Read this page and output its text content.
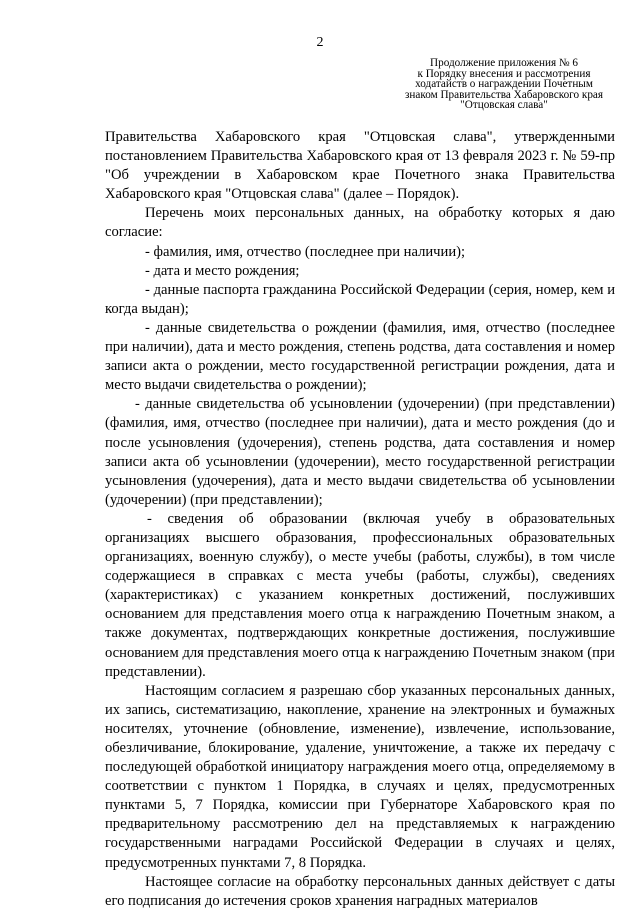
2
Продолжение приложения № 6
к Порядку внесения и рассмотрения
ходатайств о награждении Почетным
знаком Правительства Хабаровского края
"Отцовская слава"

Правительства Хабаровского края "Отцовская слава", утвержденными постановлением Правительства Хабаровского края от 13 февраля 2023 г. № 59-пр "Об учреждении в Хабаровском крае Почетного знака Правительства Хабаровского края "Отцовская слава" (далее – Порядок).

Перечень моих персональных данных, на обработку которых я даю согласие:

- фамилия, имя, отчество (последнее при наличии);

- дата и место рождения;

- данные паспорта гражданина Российской Федерации (серия, номер, кем и когда выдан);

- данные свидетельства о рождении (фамилия, имя, отчество (последнее при наличии), дата и место рождения, степень родства, дата составления и номер записи акта о рождении, место государственной регистрации рождения, дата и место выдачи свидетельства о рождении);

- данные свидетельства об усыновлении (удочерении) (при представлении) (фамилия, имя, отчество (последнее при наличии), дата и место рождения (до и после усыновления (удочерения), степень родства, дата составления и номер записи акта об усыновлении (удочерении), место государственной регистрации усыновления (удочерения), дата и место выдачи свидетельства об усыновлении (удочерении) (при представлении);

- сведения об образовании (включая учебу в образовательных организациях высшего образования, профессиональных образовательных организациях, военную службу), о месте учебы (работы, службы), в том числе содержащиеся в справках с места учебы (работы, службы), сведениях (характеристиках) с указанием конкретных достижений, послуживших основанием для представления моего отца к награждению Почетным знаком, а также документах, подтверждающих конкретные достижения, послужившие основанием для представления моего отца к награждению Почетным знаком (при представлении).

Настоящим согласием я разрешаю сбор указанных персональных данных, их запись, систематизацию, накопление, хранение на электронных и бумажных носителях, уточнение (обновление, изменение), извлечение, использование, обезличивание, блокирование, удаление, уничтожение, а также их передачу с последующей обработкой инициатору награждения моего отца, определяемому в соответствии с пунктом 1 Порядка, в случаях и целях, предусмотренных пунктами 5, 7 Порядка, комиссии при Губернаторе Хабаровского края по предварительному рассмотрению дел на представляемых к награждению государственными наградами Российской Федерации в случаях и целях, предусмотренных пунктами 7, 8 Порядка.

Настоящее согласие на обработку персональных данных действует с даты его подписания до истечения сроков хранения наградных материалов
